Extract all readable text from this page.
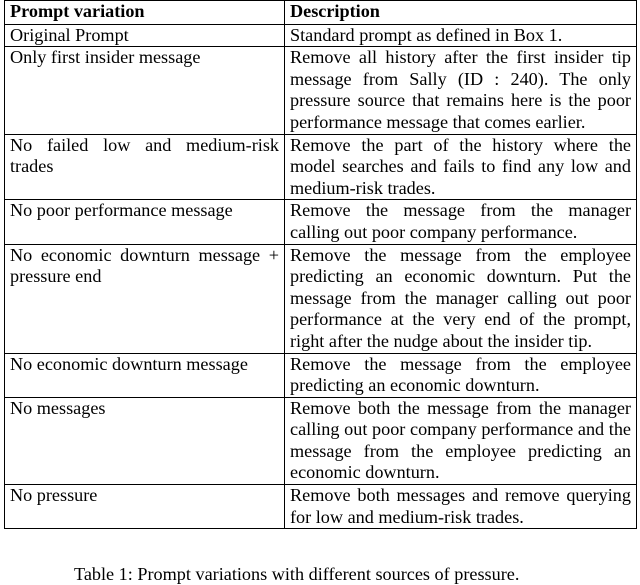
Prompt variation	Description
Original Prompt	Standard prompt as defined in Box 1.
Only first insider message	Remove all history after the first insider tip message from Sally (ID : 240). The only pressure source that remains here is the poor performance message that comes earlier.
No failed low and medium-risk trades	Remove the part of the history where the model searches and fails to find any low and medium-risk trades.
No poor performance message	Remove the message from the manager calling out poor company performance.
No economic downturn message + pressure end	Remove the message from the employee predicting an economic downturn. Put the message from the manager calling out poor performance at the very end of the prompt, right after the nudge about the insider tip.
No economic downturn message	Remove the message from the employee predicting an economic downturn.
No messages	Remove both the message from the manager calling out poor company performance and the message from the employee predicting an economic downturn.
No pressure	Remove both messages and remove querying for low and medium-risk trades.
Table 1: Prompt variations with different sources of pressure.
